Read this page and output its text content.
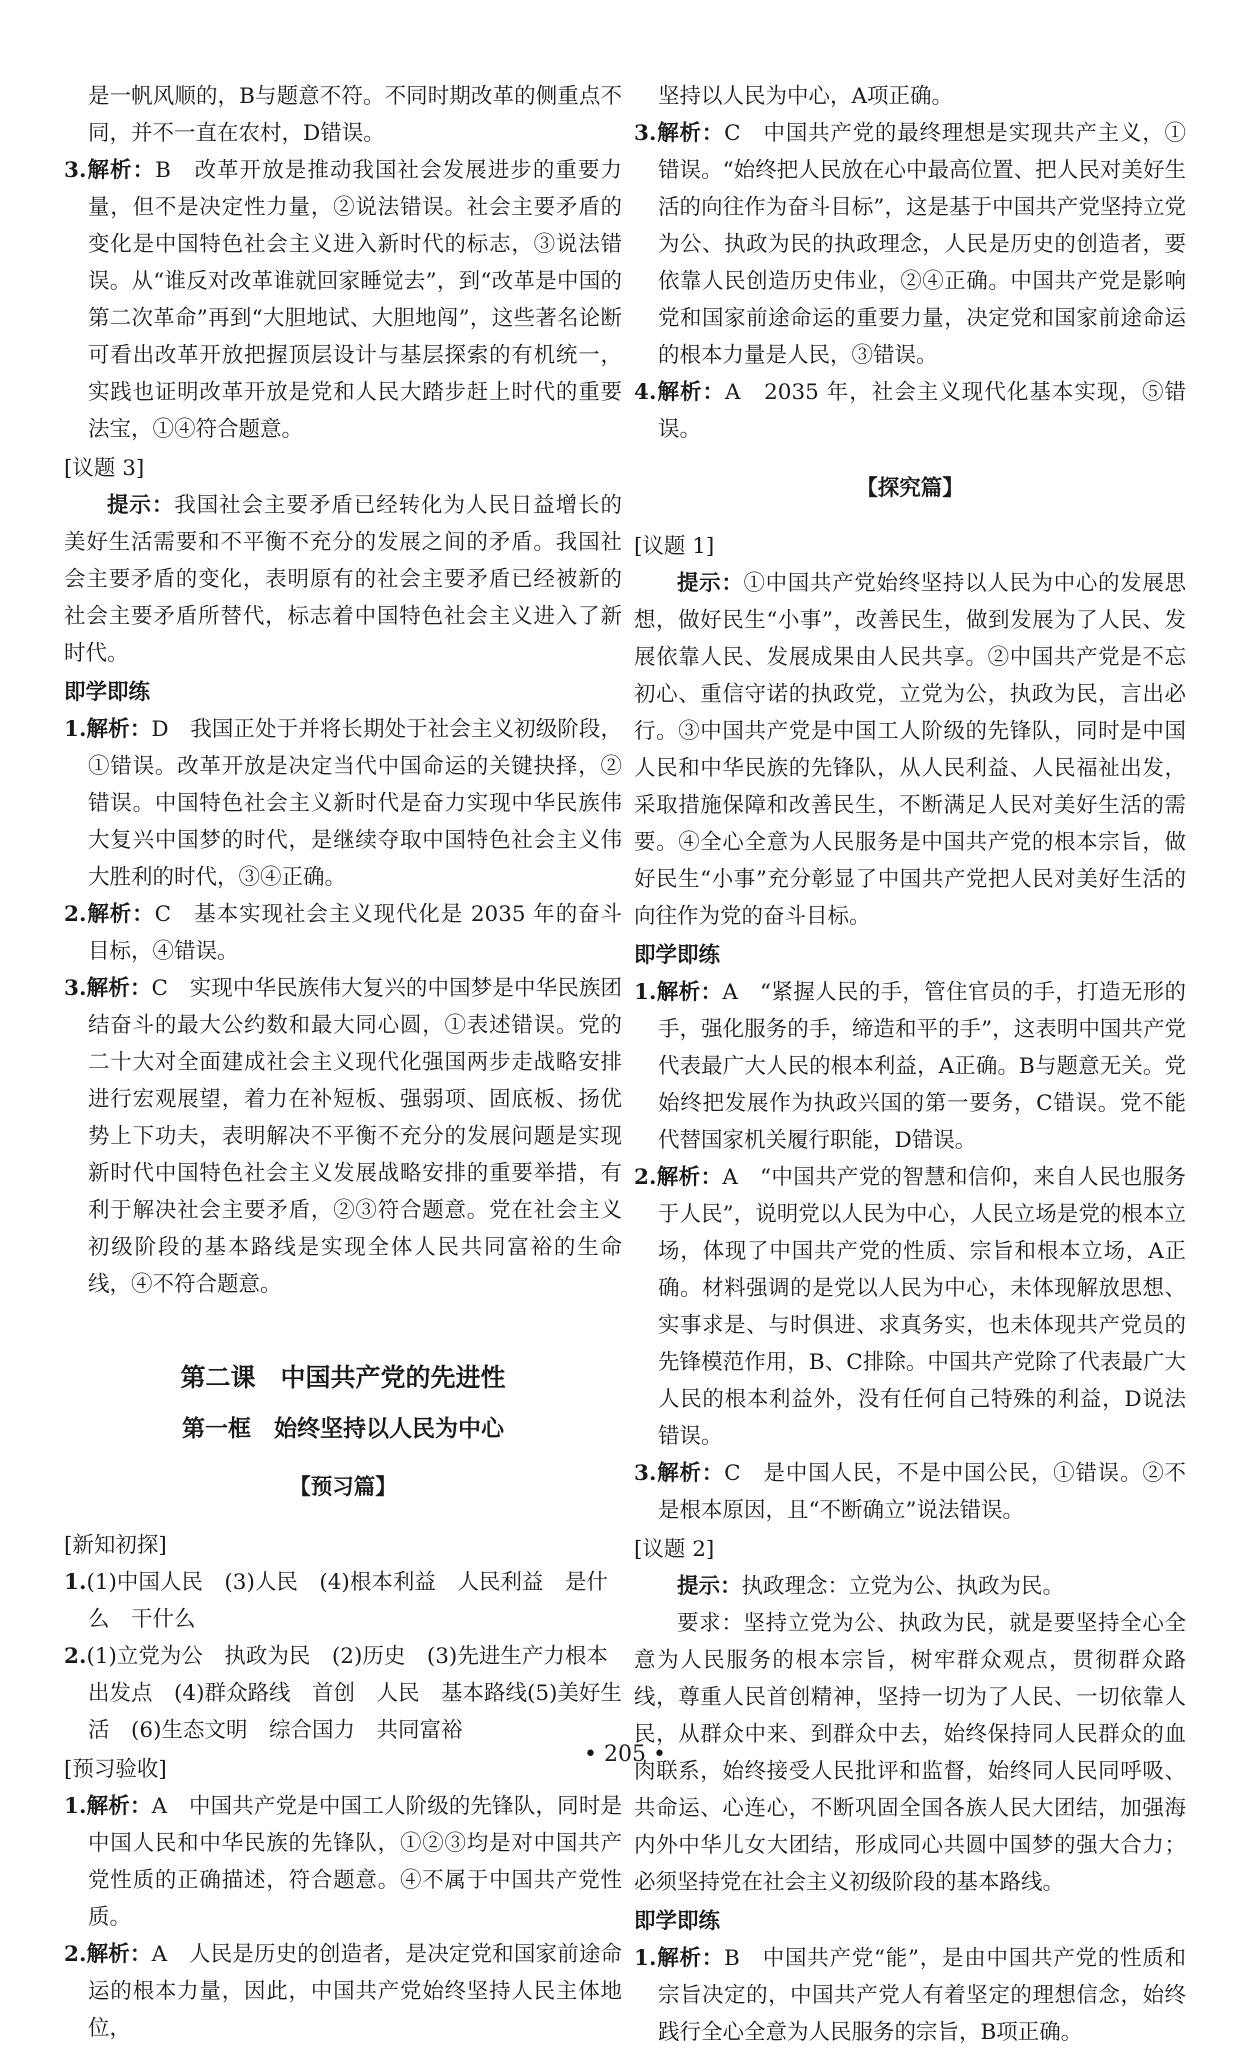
是一帆风顺的，B与题意不符。不同时期改革的侧重点不同，并不一直在农村，D错误。

3.解析：B　改革开放是推动我国社会发展进步的重要力量，但不是决定性力量，②说法错误。社会主要矛盾的变化是中国特色社会主义进入新时代的标志，③说法错误。从“谁反对改革谁就回家睡觉去”，到“改革是中国的第二次革命”再到“大胆地试、大胆地闯”，这些著名论断可看出改革开放把握顶层设计与基层探索的有机统一，实践也证明改革开放是党和人民大踏步赶上时代的重要法宝，①④符合题意。

[议题 3]

提示：我国社会主要矛盾已经转化为人民日益增长的美好生活需要和不平衡不充分的发展之间的矛盾。我国社会主要矛盾的变化，表明原有的社会主要矛盾已经被新的社会主要矛盾所替代，标志着中国特色社会主义进入了新时代。

即学即练

1.解析：D　我国正处于并将长期处于社会主义初级阶段，①错误。改革开放是决定当代中国命运的关键抉择，②错误。中国特色社会主义新时代是奋力实现中华民族伟大复兴中国梦的时代，是继续夺取中国特色社会主义伟大胜利的时代，③④正确。

2.解析：C　基本实现社会主义现代化是 2035 年的奋斗目标，④错误。

3.解析：C　实现中华民族伟大复兴的中国梦是中华民族团结奋斗的最大公约数和最大同心圆，①表述错误。党的二十大对全面建成社会主义现代化强国两步走战略安排进行宏观展望，着力在补短板、强弱项、固底板、扬优势上下功夫，表明解决不平衡不充分的发展问题是实现新时代中国特色社会主义发展战略安排的重要举措，有利于解决社会主要矛盾，②③符合题意。党在社会主义初级阶段的基本路线是实现全体人民共同富裕的生命线，④不符合题意。

第二课　中国共产党的先进性
第一框　始终坚持以人民为中心

【预习篇】

[新知初探]

1.(1)中国人民　(3)人民　(4)根本利益　人民利益　是什么　干什么

2.(1)立党为公　执政为民　(2)历史　(3)先进生产力根本出发点　(4)群众路线　首创　人民　基本路线(5)美好生活　(6)生态文明　综合国力　共同富裕

[预习验收]

1.解析：A　中国共产党是中国工人阶级的先锋队，同时是中国人民和中华民族的先锋队，①②③均是对中国共产党性质的正确描述，符合题意。④不属于中国共产党性质。

2.解析：A　人民是历史的创造者，是决定党和国家前途命运的根本力量，因此，中国共产党始终坚持人民主体地位，

坚持以人民为中心，A项正确。

3.解析：C　中国共产党的最终理想是实现共产主义，①错误。“始终把人民放在心中最高位置、把人民对美好生活的向往作为奋斗目标”，这是基于中国共产党坚持立党为公、执政为民的执政理念，人民是历史的创造者，要依靠人民创造历史伟业，②④正确。中国共产党是影响党和国家前途命运的重要力量，决定党和国家前途命运的根本力量是人民，③错误。

4.解析：A　2035 年，社会主义现代化基本实现，⑤错误。

【探究篇】

[议题 1]

提示：①中国共产党始终坚持以人民为中心的发展思想，做好民生“小事”，改善民生，做到发展为了人民、发展依靠人民、发展成果由人民共享。②中国共产党是不忘初心、重信守诺的执政党，立党为公，执政为民，言出必行。③中国共产党是中国工人阶级的先锋队，同时是中国人民和中华民族的先锋队，从人民利益、人民福祉出发，采取措施保障和改善民生，不断满足人民对美好生活的需要。④全心全意为人民服务是中国共产党的根本宗旨，做好民生“小事”充分彰显了中国共产党把人民对美好生活的向往作为党的奋斗目标。

即学即练

1.解析：A　“紧握人民的手，管住官员的手，打造无形的手，强化服务的手，缔造和平的手”，这表明中国共产党代表最广大人民的根本利益，A正确。B与题意无关。党始终把发展作为执政兴国的第一要务，C错误。党不能代替国家机关履行职能，D错误。

2.解析：A　“中国共产党的智慧和信仰，来自人民也服务于人民”，说明党以人民为中心，人民立场是党的根本立场，体现了中国共产党的性质、宗旨和根本立场，A正确。材料强调的是党以人民为中心，未体现解放思想、实事求是、与时俱进、求真务实，也未体现共产党员的先锋模范作用，B、C排除。中国共产党除了代表最广大人民的根本利益外，没有任何自己特殊的利益，D说法错误。

3.解析：C　是中国人民，不是中国公民，①错误。②不是根本原因，且“不断确立”说法错误。

[议题 2]

提示：执政理念：立党为公、执政为民。

要求：坚持立党为公、执政为民，就是要坚持全心全意为人民服务的根本宗旨，树牢群众观点，贯彻群众路线，尊重人民首创精神，坚持一切为了人民、一切依靠人民，从群众中来、到群众中去，始终保持同人民群众的血肉联系，始终接受人民批评和监督，始终同人民同呼吸、共命运、心连心，不断巩固全国各族人民大团结，加强海内外中华儿女大团结，形成同心共圆中国梦的强大合力；必须坚持党在社会主义初级阶段的基本路线。

即学即练

1.解析：B　中国共产党“能”，是由中国共产党的性质和宗旨决定的，中国共产党人有着坚定的理想信念，始终践行全心全意为人民服务的宗旨，B项正确。

• 205 •
